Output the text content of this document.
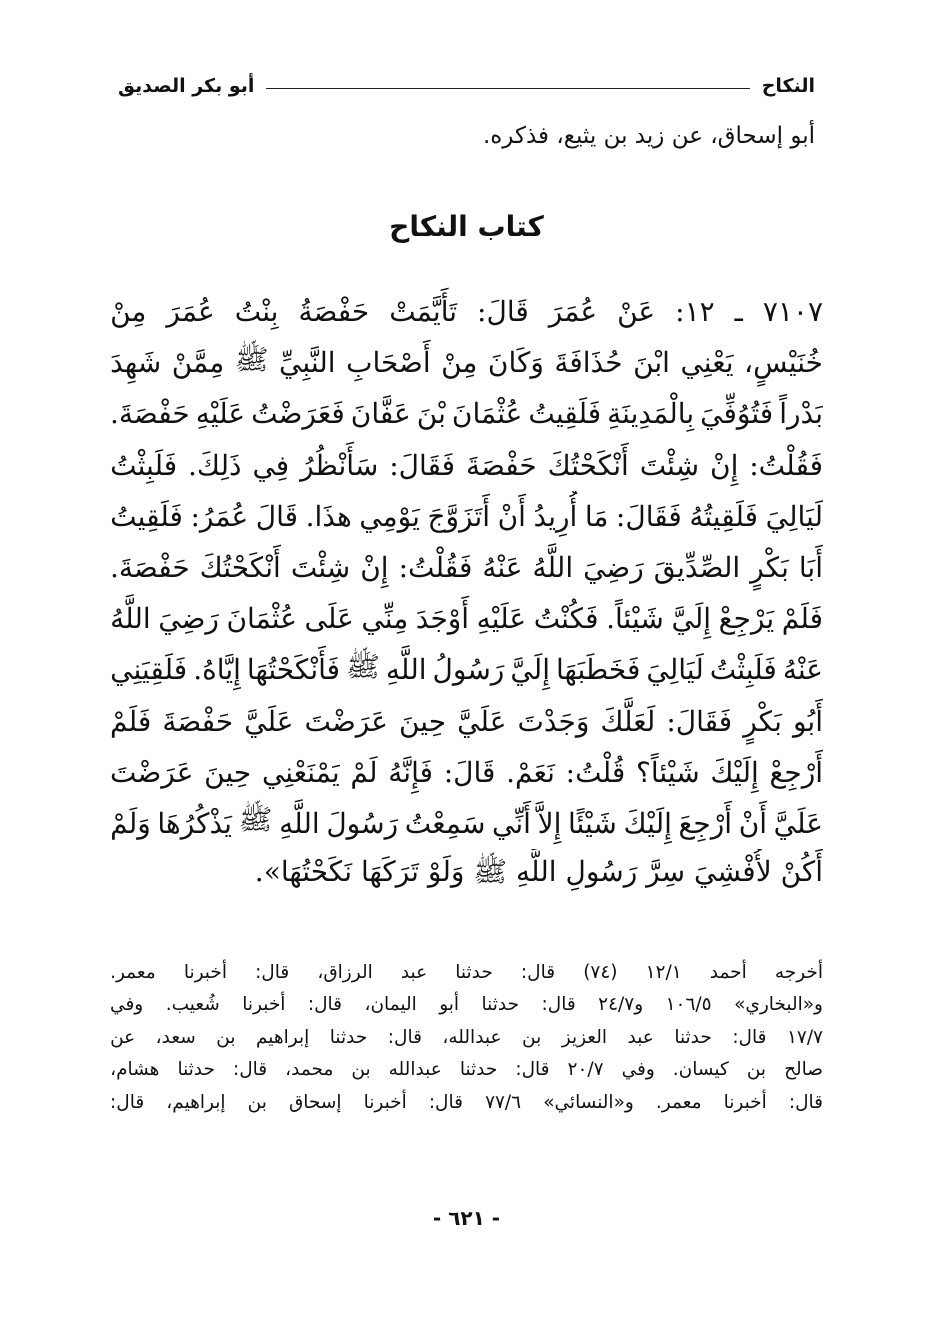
النكاح
أبو بكر الصديق
أبو إسحاق، عن زيد بن يثيع، فذكره.
كتاب النكاح
٧١٠٧
ـ
١٢:
عَنْ
عُمَرَ
قَالَ:
تَأَيَّمَتْ
حَفْصَةُ
بِنْتُ
عُمَرَ
مِنْ
خُنَيْسٍ،
يَعْنِي
ابْنَ
حُذَافَةَ
وَكَانَ
مِنْ
أَصْحَابِ
النَّبِيِّ
ﷺ
مِمَّنْ
شَهِدَ
بَدْراً
فَتُوُفِّيَ
بِالْمَدِينَةِ
فَلَقِيتُ
عُثْمَانَ
بْنَ
عَفَّانَ
فَعَرَضْتُ
عَلَيْهِ
حَفْصَةَ.
فَقُلْتُ:
إِنْ
شِئْتَ
أَنْكَحْتُكَ
حَفْصَةَ
فَقَالَ:
سَأَنْظُرُ
فِي
ذَلِكَ.
فَلَبِثْتُ
لَيَالِيَ
فَلَقِيتُهُ
فَقَالَ:
مَا
أُرِيدُ
أَنْ
أَتَزَوَّجَ
يَوْمِي
هذَا.
قَالَ
عُمَرُ:
فَلَقِيتُ
أَبَا
بَكْرٍ
الصِّدِّيقَ
رَضِيَ
اللَّهُ
عَنْهُ
فَقُلْتُ:
إِنْ
شِئْتَ
أَنْكَحْتُكَ
حَفْصَةَ.
فَلَمْ
يَرْجِعْ
إِلَيَّ
شَيْئاً.
فَكُنْتُ
عَلَيْهِ
أَوْجَدَ
مِنِّي
عَلَى
عُثْمَانَ
رَضِيَ
اللَّهُ
عَنْهُ
فَلَبِثْتُ
لَيَالِيَ
فَخَطَبَهَا
إِلَيَّ
رَسُولُ
اللَّهِ
ﷺ
فَأَنْكَحْتُهَا
إِيَّاهُ.
فَلَقِيَنِي
أَبُو
بَكْرٍ
فَقَالَ:
لَعَلَّكَ
وَجَدْتَ
عَلَيَّ
حِينَ
عَرَضْتَ
عَلَيَّ
حَفْصَةَ
فَلَمْ
أَرْجِعْ
إِلَيْكَ
شَيْئاً؟
قُلْتُ:
نَعَمْ.
قَالَ:
فَإِنَّهُ
لَمْ
يَمْنَعْنِي
حِينَ
عَرَضْتَ
عَلَيَّ
أَنْ
أَرْجِعَ
إِلَيْكَ
شَيْئًا
إِلاَّ
أَنِّي
سَمِعْتُ
رَسُولَ
اللَّهِ
ﷺ
يَذْكُرُهَا
وَلَمْ
أَكُنْ لأُفْشِيَ سِرَّ رَسُولِ اللَّهِ ﷺ وَلَوْ تَرَكَهَا نَكَحْتُهَا».
أخرجه
أحمد
١٢/١
(٧٤)
قال:
حدثنا
عبد
الرزاق،
قال:
أخبرنا
معمر.
و«البخاري»
١٠٦/٥
و٢٤/٧
قال:
حدثنا
أبو
اليمان،
قال:
أخبرنا
شُعيب.
وفي
١٧/٧
قال:
حدثنا
عبد
العزيز
بن
عبدالله،
قال:
حدثنا
إبراهيم
بن
سعد،
عن
صالح
بن
كيسان.
وفي
٢٠/٧
قال:
حدثنا
عبدالله
بن
محمد،
قال:
حدثنا
هشام،
قال:
أخبرنا
معمر.
و«النسائي»
٧٧/٦
قال:
أخبرنا
إسحاق
بن
إبراهيم،
قال:
- ٦٢١ -
